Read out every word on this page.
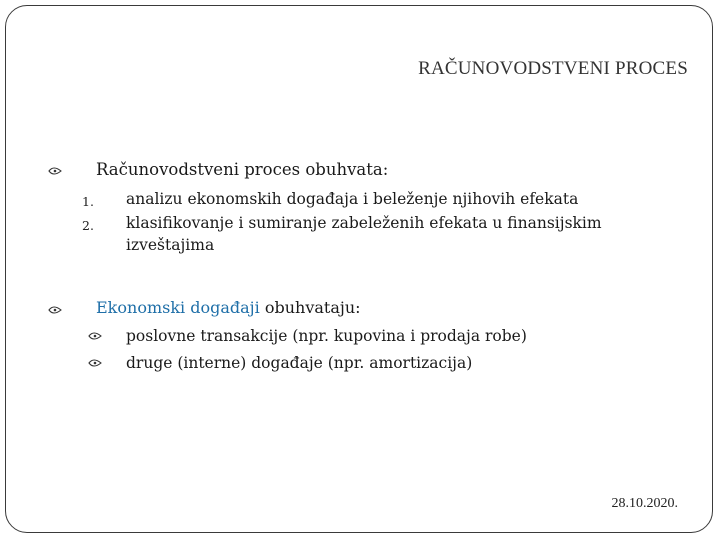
RAČUNOVODSTVENI PROCES
Računovodstveni proces obuhvata:
1. analizu ekonomskih događaja i beleženje njihovih efekata
2. klasifikovanje i sumiranje zabeleženih efekata u finansijskim izveštajima
Ekonomski događaji obuhvataju:
poslovne transakcije (npr. kupovina i prodaja robe)
druge (interne) događaje (npr. amortizacija)
28.10.2020.
